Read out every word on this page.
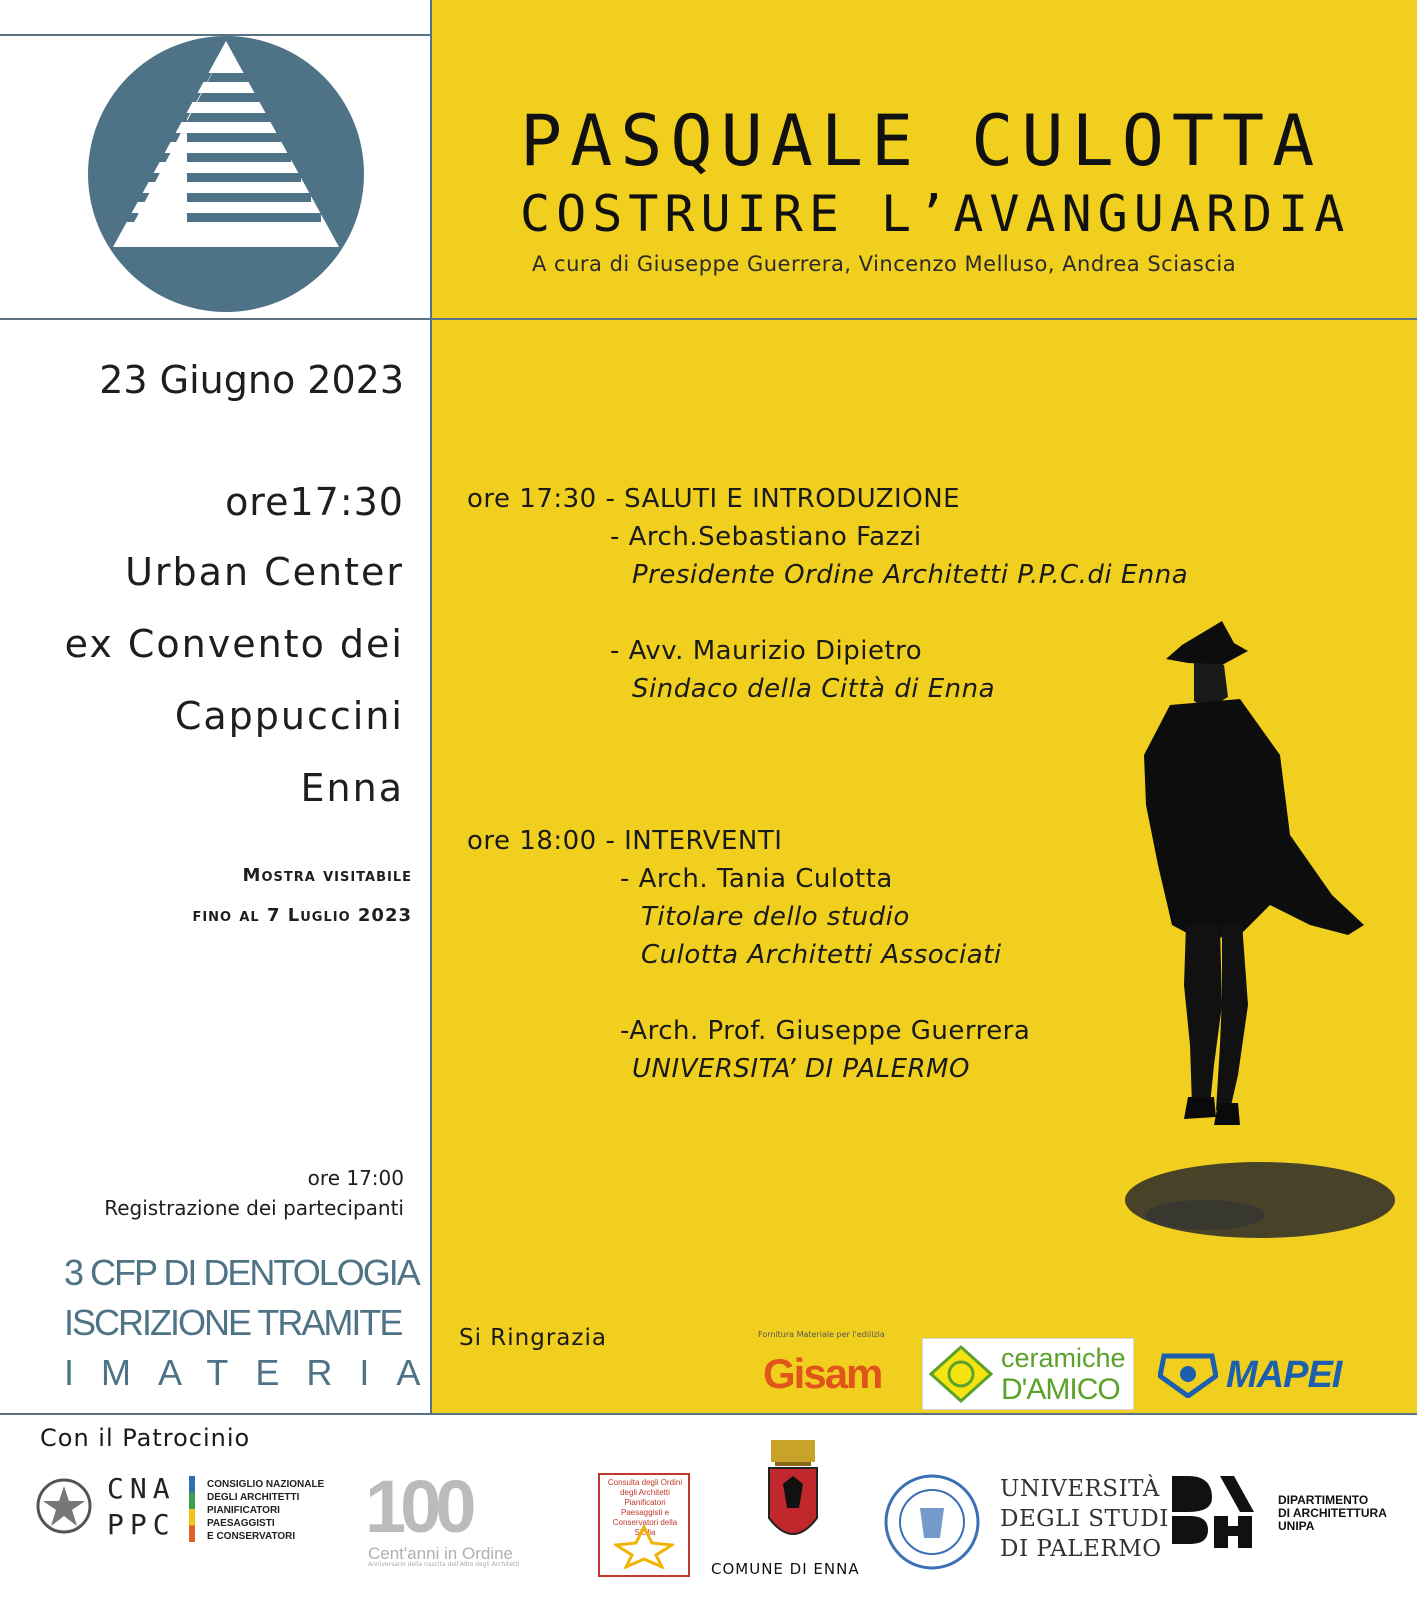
PASQUALE CULOTTA
COSTRUIRE L’AVANGUARDIA
A cura di Giuseppe Guerrera, Vincenzo Melluso, Andrea Sciascia
23 Giugno 2023
ore17:30
Urban Center
ex Convento dei
Cappuccini
Enna
Mostra visitabile
fino al 7 Luglio 2023
ore 17:00
Registrazione dei partecipanti
3 CFP DI DENTOLOGIA
ISCRIZIONE TRAMITE
IMATERIA
ore 17:30 - SALUTI E INTRODUZIONE
- Arch.Sebastiano Fazzi
Presidente Ordine Architetti P.P.C.di Enna
- Avv. Maurizio Dipietro
Sindaco della Città di Enna
ore 18:00 - INTERVENTI
- Arch. Tania Culotta
Titolare dello studio
Culotta Architetti Associati
-Arch. Prof. Giuseppe Guerrera
UNIVERSITA’ DI PALERMO
Si Ringrazia	Fornitura Materiale per l'edilizia
Gisam	ceramiche
D'AMICO	MAPEI
Con il Patrocinio
CNA
PPC
CONSIGLIO NAZIONALE
DEGLI ARCHITETTI
PIANIFICATORI
PAESAGGISTI
E CONSERVATORI 100
Cent'anni in Ordine
Anniversario della nascita dell'Albo degli Architetti
Consulta degli Ordini degli Architetti Pianificatori Paesaggisti e Conservatori della Sicilia
COMUNE DI ENNA
UNIVERSITÀ
DEGLI STUDI
DI PALERMO
DIPARTIMENTO
DI ARCHITETTURA
UNIPA
